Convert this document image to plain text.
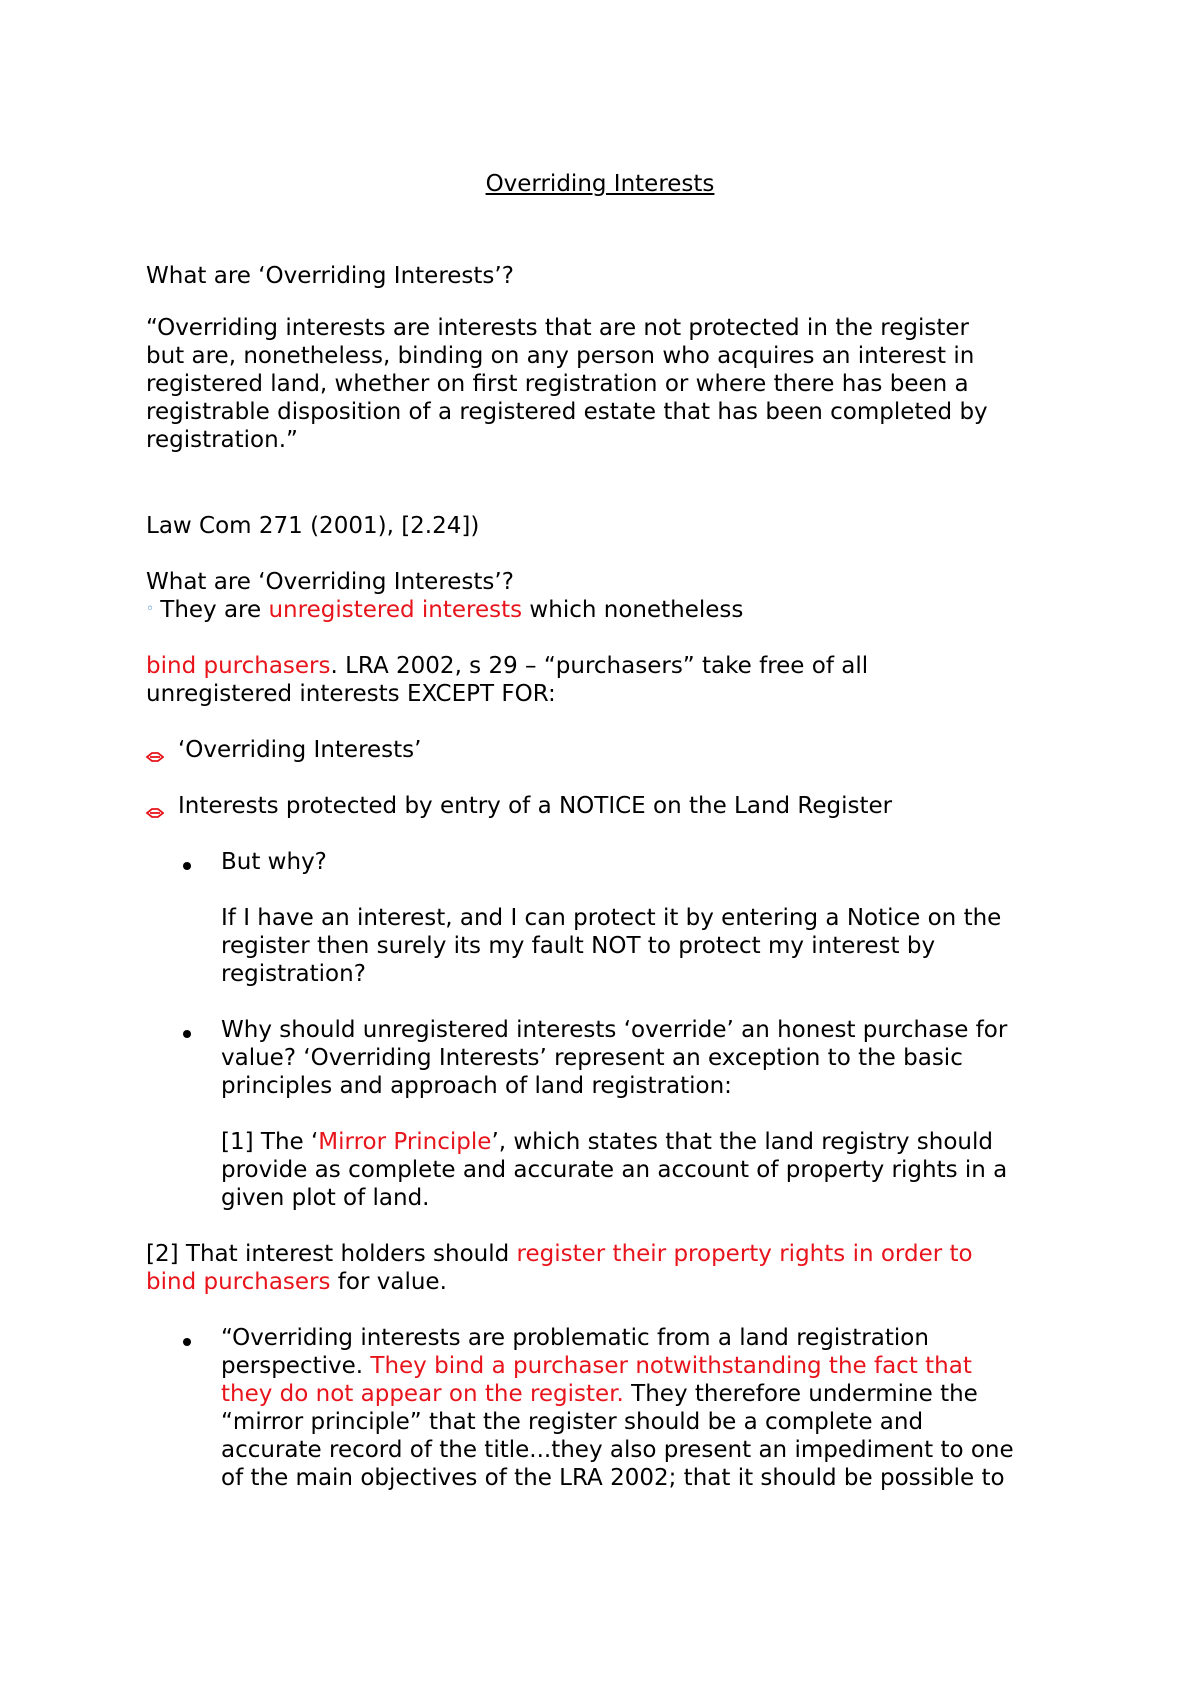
Overriding Interests
What are ‘Overriding Interests’?
“Overriding interests are interests that are not protected in the register
but are, nonetheless, binding on any person who acquires an interest in
registered land, whether on first registration or where there has been a
registrable disposition of a registered estate that has been completed by
registration.”
Law Com 271 (2001), [2.24])
What are ‘Overriding Interests’?
◦ They are unregistered interests which nonetheless
bind purchasers. LRA 2002, s 29 – “purchasers” take free of all
unregistered interests EXCEPT FOR:
‘Overriding Interests’
Interests protected by entry of a NOTICE on the Land Register
But why?
If I have an interest, and I can protect it by entering a Notice on the
register then surely its my fault NOT to protect my interest by
registration?
Why should unregistered interests ‘override’ an honest purchase for
value? ‘Overriding Interests’ represent an exception to the basic
principles and approach of land registration:
[1] The ‘Mirror Principle’, which states that the land registry should
provide as complete and accurate an account of property rights in a
given plot of land.
[2] That interest holders should register their property rights in order to
bind purchasers for value.
“Overriding interests are problematic from a land registration
perspective. They bind a purchaser notwithstanding the fact that
they do not appear on the register. They therefore undermine the
“mirror principle” that the register should be a complete and
accurate record of the title...they also present an impediment to one
of the main objectives of the LRA 2002; that it should be possible to
